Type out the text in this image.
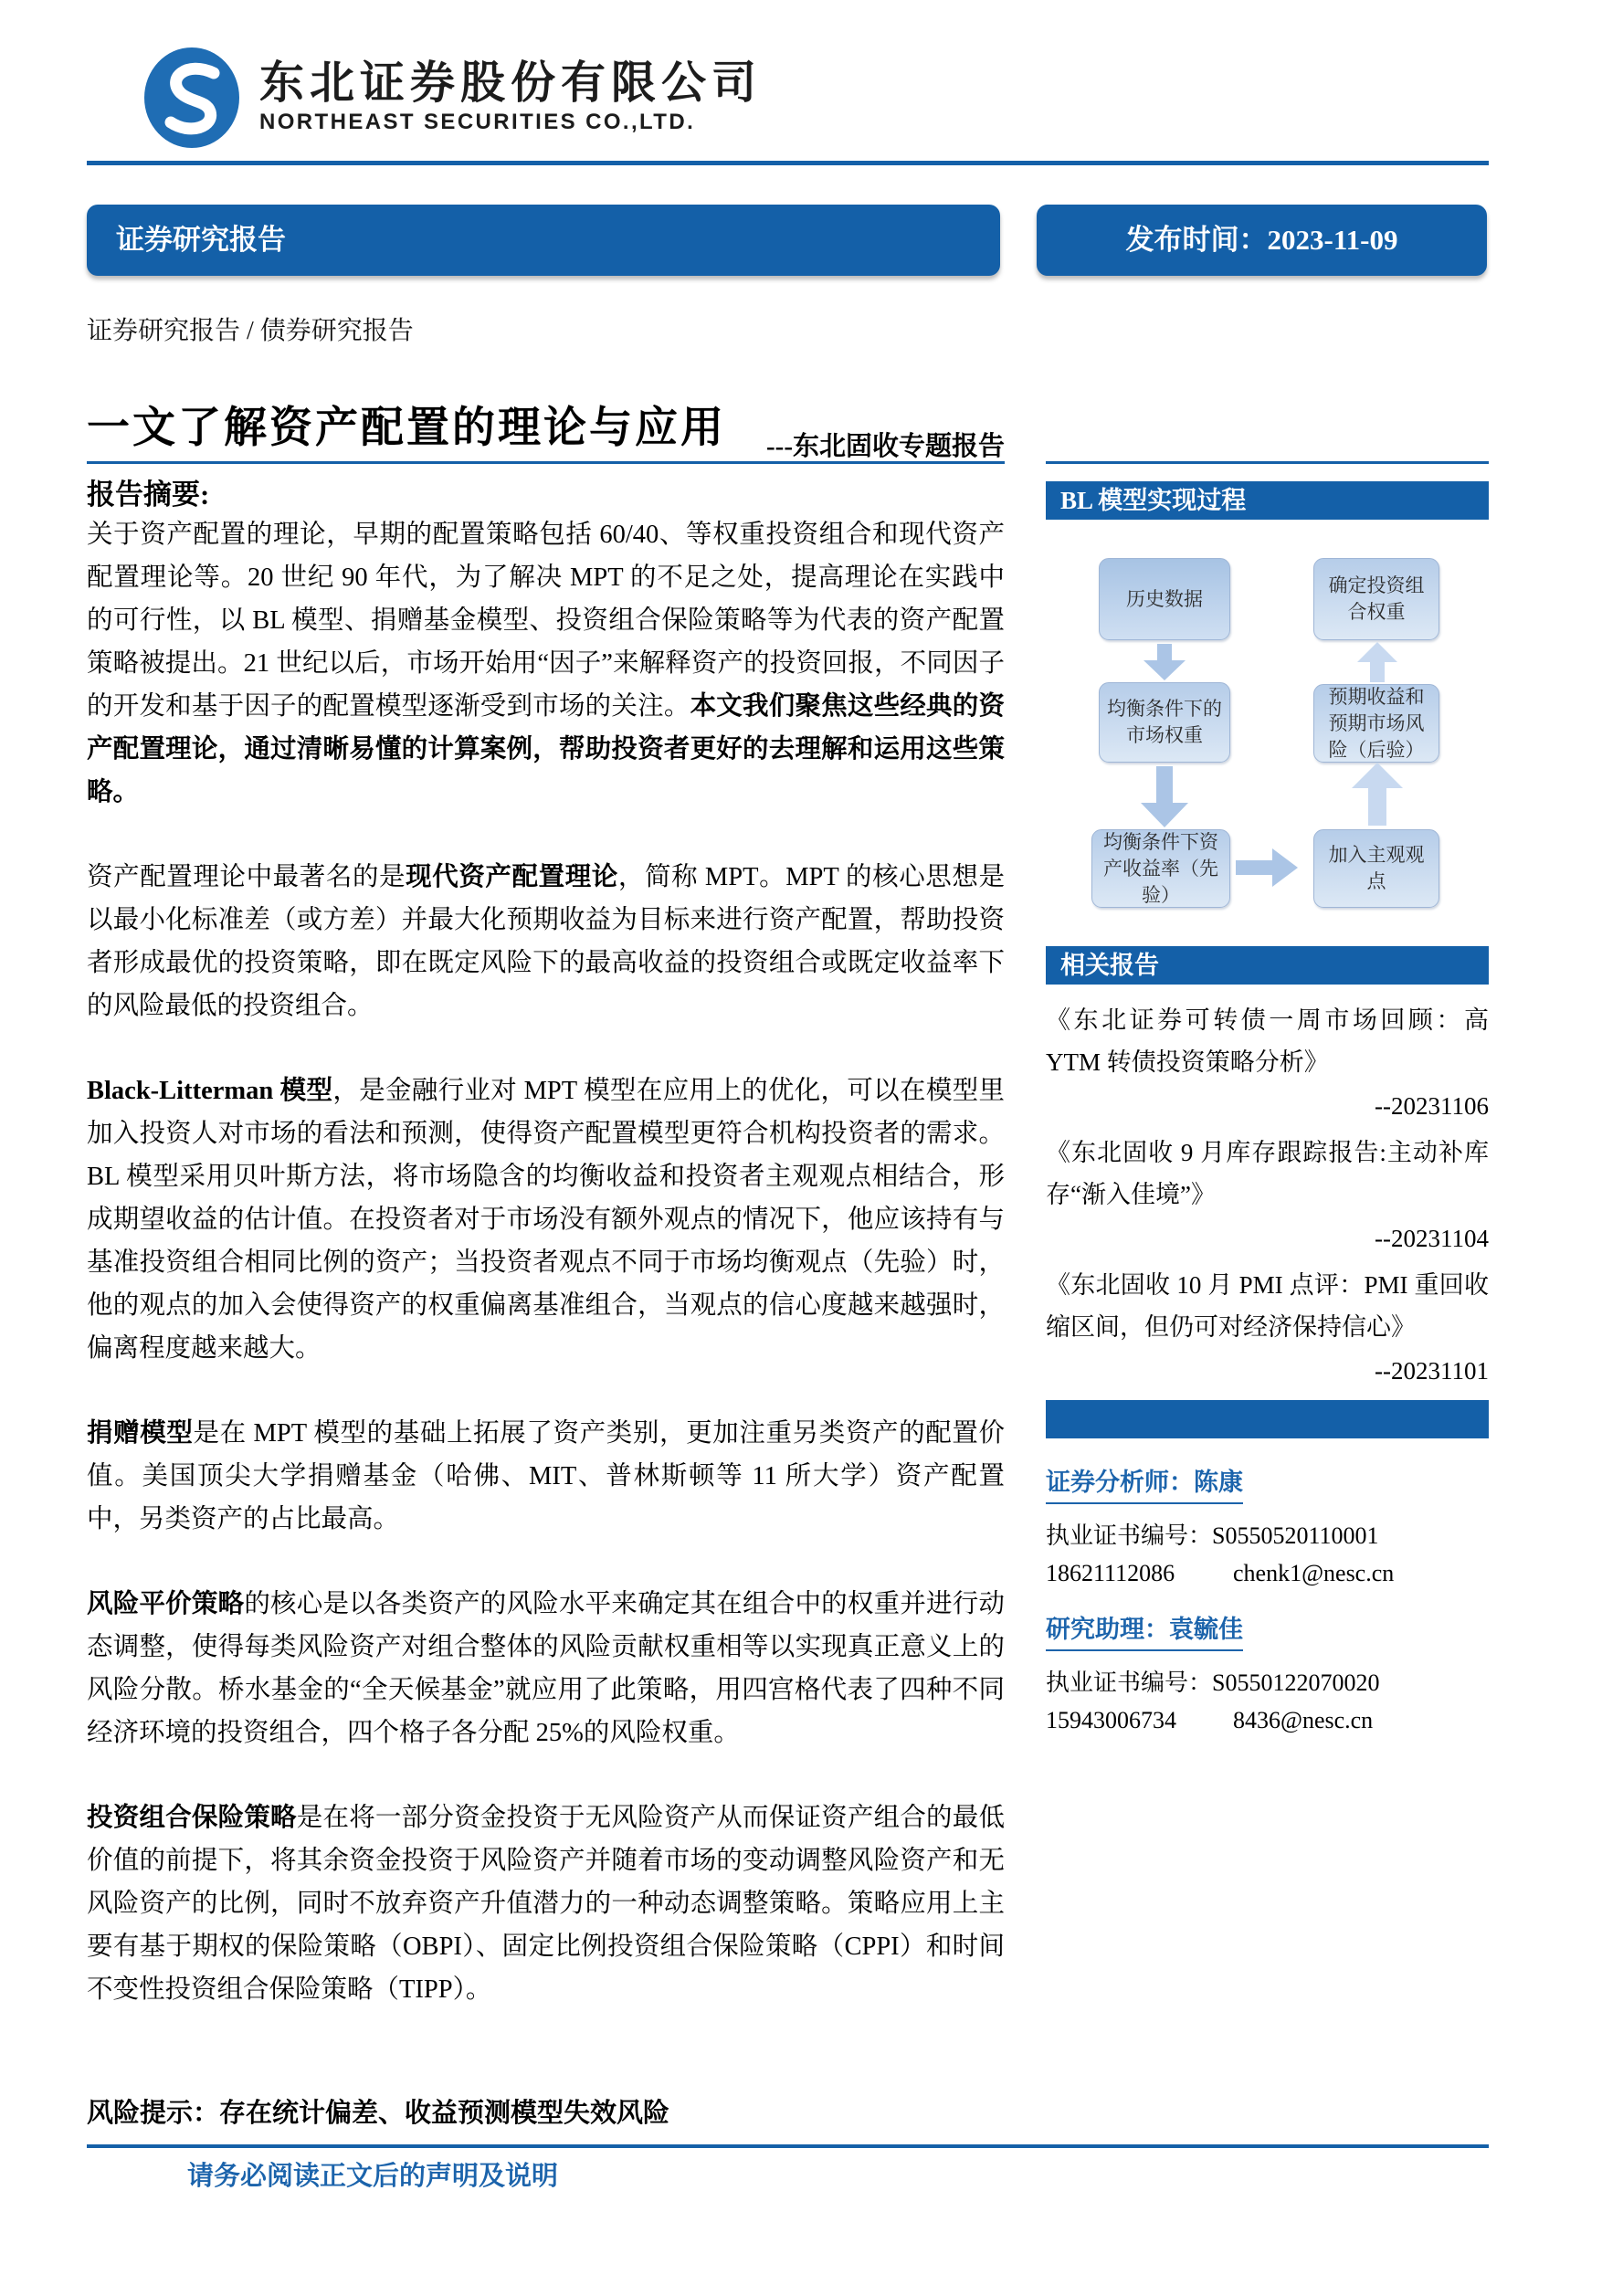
东北证券股份有限公司
NORTHEAST SECURITIES CO.,LTD.
证券研究报告	发布时间：2023-11-09
证券研究报告 / 债券研究报告
一文了解资产配置的理论与应用	---东北固收专题报告
报告摘要:

关于资产配置的理论，早期的配置策略包括 60/40、等权重投资组合和现代资产配置理论等。20 世纪 90 年代，为了解决 MPT 的不足之处，提高理论在实践中的可行性，以 BL 模型、捐赠基金模型、投资组合保险策略等为代表的资产配置策略被提出。21 世纪以后，市场开始用“因子”来解释资产的投资回报，不同因子的开发和基于因子的配置模型逐渐受到市场的关注。本文我们聚焦这些经典的资产配置理论，通过清晰易懂的计算案例，帮助投资者更好的去理解和运用这些策略。

资产配置理论中最著名的是现代资产配置理论，简称 MPT。MPT 的核心思想是以最小化标准差（或方差）并最大化预期收益为目标来进行资产配置，帮助投资者形成最优的投资策略，即在既定风险下的最高收益的投资组合或既定收益率下的风险最低的投资组合。

Black-Litterman 模型，是金融行业对 MPT 模型在应用上的优化，可以在模型里加入投资人对市场的看法和预测，使得资产配置模型更符合机构投资者的需求。BL 模型采用贝叶斯方法，将市场隐含的均衡收益和投资者主观观点相结合，形成期望收益的估计值。在投资者对于市场没有额外观点的情况下，他应该持有与基准投资组合相同比例的资产；当投资者观点不同于市场均衡观点（先验）时，他的观点的加入会使得资产的权重偏离基准组合，当观点的信心度越来越强时，偏离程度越来越大。

捐赠模型是在 MPT 模型的基础上拓展了资产类别，更加注重另类资产的配置价值。美国顶尖大学捐赠基金（哈佛、MIT、普林斯顿等 11 所大学）资产配置中，另类资产的占比最高。

风险平价策略的核心是以各类资产的风险水平来确定其在组合中的权重并进行动态调整，使得每类风险资产对组合整体的风险贡献权重相等以实现真正意义上的风险分散。桥水基金的“全天候基金”就应用了此策略，用四宫格代表了四种不同经济环境的投资组合，四个格子各分配 25%的风险权重。

投资组合保险策略是在将一部分资金投资于无风险资产从而保证资产组合的最低价值的前提下，将其余资金投资于风险资产并随着市场的变动调整风险资产和无风险资产的比例，同时不放弃资产升值潜力的一种动态调整策略。策略应用上主要有基于期权的保险策略（OBPI）、固定比例投资组合保险策略（CPPI）和时间不变性投资组合保险策略（TIPP）。

风险提示：存在统计偏差、收益预测模型失效风险

BL 模型实现过程
历史数据
确定投资组合权重
均衡条件下的市场权重
预期收益和预期市场风险（后验）
均衡条件下资产收益率（先验）
加入主观观点
相关报告
《东北证券可转债一周市场回顾：高 YTM 转债投资策略分析》
--20231106
《东北固收 9 月库存跟踪报告:主动补库存“渐入佳境”》
--20231104
《东北固收 10 月 PMI 点评：PMI 重回收缩区间，但仍可对经济保持信心》
--20231101
证券分析师：陈康
执业证书编号：S0550520110001
18621112086	chenk1@nesc.cn
研究助理：袁毓佳
执业证书编号：S0550122070020
15943006734	8436@nesc.cn
请务必阅读正文后的声明及说明
